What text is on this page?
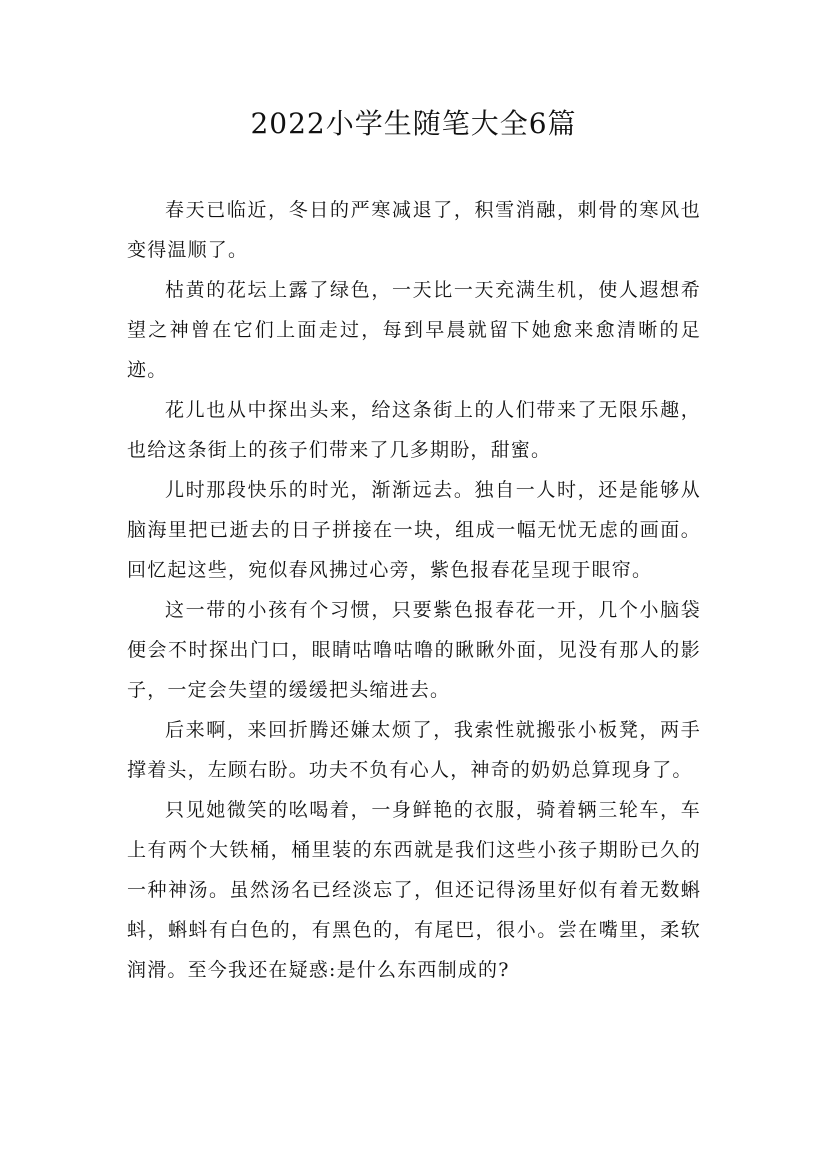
2022小学生随笔大全6篇

春天已临近，冬日的严寒减退了，积雪消融，刺骨的寒风也变得温顺了。

枯黄的花坛上露了绿色，一天比一天充满生机，使人遐想希望之神曾在它们上面走过，每到早晨就留下她愈来愈清晰的足迹。

花儿也从中探出头来，给这条街上的人们带来了无限乐趣，也给这条街上的孩子们带来了几多期盼，甜蜜。

儿时那段快乐的时光，渐渐远去。独自一人时，还是能够从脑海里把已逝去的日子拼接在一块，组成一幅无忧无虑的画面。回忆起这些，宛似春风拂过心旁，紫色报春花呈现于眼帘。

这一带的小孩有个习惯，只要紫色报春花一开，几个小脑袋便会不时探出门口，眼睛咕噜咕噜的瞅瞅外面，见没有那人的影子，一定会失望的缓缓把头缩进去。

后来啊，来回折腾还嫌太烦了，我索性就搬张小板凳，两手撑着头，左顾右盼。功夫不负有心人，神奇的奶奶总算现身了。

只见她微笑的吆喝着，一身鲜艳的衣服，骑着辆三轮车，车上有两个大铁桶，桶里装的东西就是我们这些小孩子期盼已久的一种神汤。虽然汤名已经淡忘了，但还记得汤里好似有着无数蝌蚪，蝌蚪有白色的，有黑色的，有尾巴，很小。尝在嘴里，柔软润滑。至今我还在疑惑:是什么东西制成的?
